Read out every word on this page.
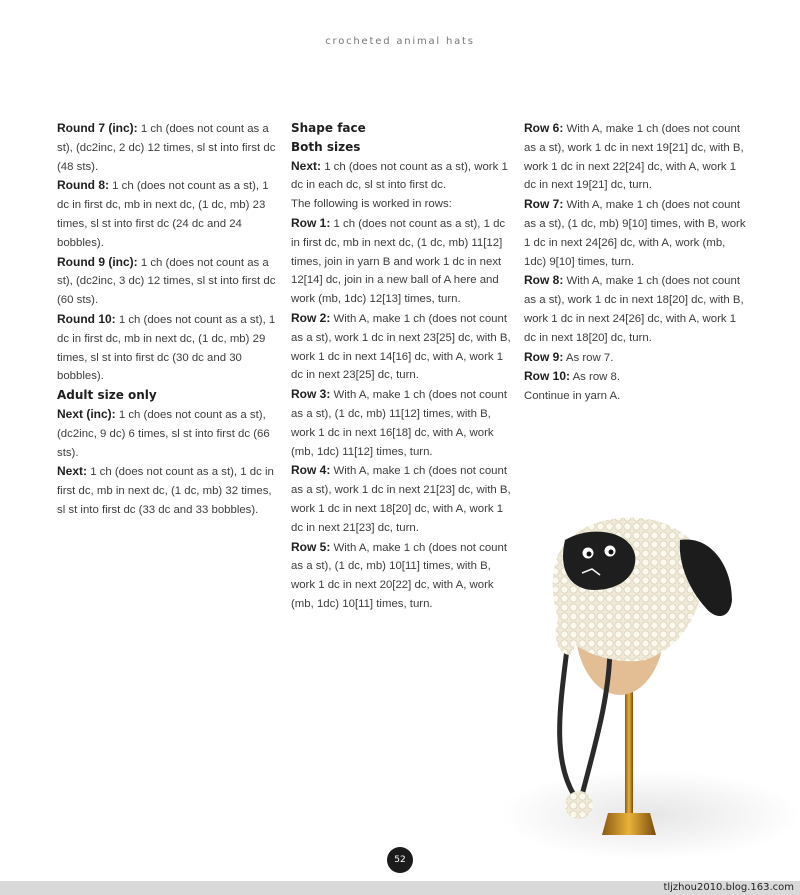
crocheted animal hats

Round 7 (inc): 1 ch (does not count as a st), (dc2inc, 2 dc) 12 times, sl st into first dc (48 sts).

Round 8: 1 ch (does not count as a st), 1 dc in first dc, mb in next dc, (1 dc, mb) 23 times, sl st into first dc (24 dc and 24 bobbles).

Round 9 (inc): 1 ch (does not count as a st), (dc2inc, 3 dc) 12 times, sl st into first dc (60 sts).

Round 10: 1 ch (does not count as a st), 1 dc in first dc, mb in next dc, (1 dc, mb) 29 times, sl st into first dc (30 dc and 30 bobbles).

Adult size only

Next (inc): 1 ch (does not count as a st), (dc2inc, 9 dc) 6 times, sl st into first dc (66 sts).

Next: 1 ch (does not count as a st), 1 dc in first dc, mb in next dc, (1 dc, mb) 32 times, sl st into first dc (33 dc and 33 bobbles).

Shape face

Both sizes

Next: 1 ch (does not count as a st), work 1 dc in each dc, sl st into first dc.

The following is worked in rows:

Row 1: 1 ch (does not count as a st), 1 dc in first dc, mb in next dc, (1 dc, mb) 11[12] times, join in yarn B and work 1 dc in next 12[14] dc, join in a new ball of A here and work (mb, 1dc) 12[13] times, turn.

Row 2: With A, make 1 ch (does not count as a st), work 1 dc in next 23[25] dc, with B, work 1 dc in next 14[16] dc, with A, work 1 dc in next 23[25] dc, turn.

Row 3: With A, make 1 ch (does not count as a st), (1 dc, mb) 11[12] times, with B, work 1 dc in next 16[18] dc, with A, work (mb, 1dc) 11[12] times, turn.

Row 4: With A, make 1 ch (does not count as a st), work 1 dc in next 21[23] dc, with B, work 1 dc in next 18[20] dc, with A, work 1 dc in next 21[23] dc, turn.

Row 5: With A, make 1 ch (does not count as a st), (1 dc, mb) 10[11] times, with B, work 1 dc in next 20[22] dc, with A, work (mb, 1dc) 10[11] times, turn.

Row 6: With A, make 1 ch (does not count as a st), work 1 dc in next 19[21] dc, with B, work 1 dc in next 22[24] dc, with A, work 1 dc in next 19[21] dc, turn.

Row 7: With A, make 1 ch (does not count as a st), (1 dc, mb) 9[10] times, with B, work 1 dc in next 24[26] dc, with A, work (mb, 1dc) 9[10] times, turn.

Row 8: With A, make 1 ch (does not count as a st), work 1 dc in next 18[20] dc, with B, work 1 dc in next 24[26] dc, with A, work 1 dc in next 18[20] dc, turn.

Row 9: As row 7.

Row 10: As row 8.

Continue in yarn A.

52
tljzhou2010.blog.163.com
